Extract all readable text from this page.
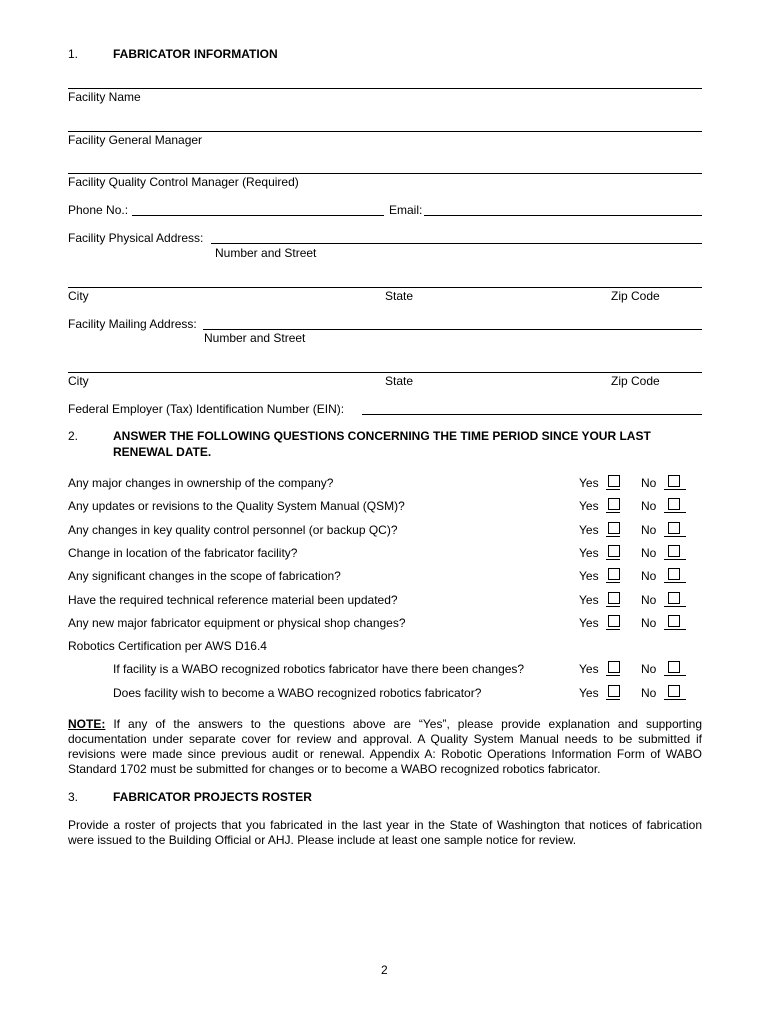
1.	FABRICATOR INFORMATION
Facility Name
Facility General Manager
Facility Quality Control Manager (Required)
Phone No.:	Email:
Facility Physical Address:
Number and Street
City	State	Zip Code
Facility Mailing Address:
Number and Street
City	State	Zip Code
Federal Employer (Tax) Identification Number (EIN):
2.	ANSWER THE FOLLOWING QUESTIONS CONCERNING THE TIME PERIOD SINCE YOUR LAST
RENEWAL DATE.
Any major changes in ownership of the company?	Yes	No
Any updates or revisions to the Quality System Manual (QSM)?	Yes	No
Any changes in key quality control personnel (or backup QC)?	Yes	No
Change in location of the fabricator facility?	Yes	No
Any significant changes in the scope of fabrication?	Yes	No
Have the required technical reference material been updated?	Yes	No
Any new major fabricator equipment or physical shop changes?	Yes	No
Robotics Certification per AWS D16.4
If facility is a WABO recognized robotics fabricator have there been changes?	Yes	No
Does facility wish to become a WABO recognized robotics fabricator?	Yes	No
NOTE: If any of the answers to the questions above are “Yes”, please provide explanation and supporting documentation under separate cover for review and approval. A Quality System Manual needs to be submitted if revisions were made since previous audit or renewal. Appendix A: Robotic Operations Information Form of WABO Standard 1702 must be submitted for changes or to become a WABO recognized robotics fabricator.
3.	FABRICATOR PROJECTS ROSTER
Provide a roster of projects that you fabricated in the last year in the State of Washington that notices of fabrication were issued to the Building Official or AHJ. Please include at least one sample notice for review.
2
